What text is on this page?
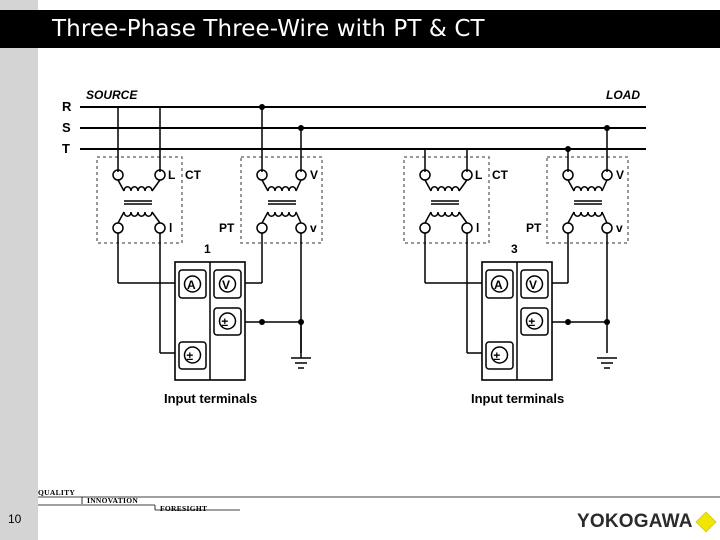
Three-Phase Three-Wire with PT & CT
R
S
T
SOURCE	LOAD
L CT
l	PT
V
v
1
A V
±
±
Input terminals
L CT
l	PT
V
v
3
A V
±
±
Input terminals
QUALITY
INNOVATION
FORESIGHT
10	YOKOGAWA
